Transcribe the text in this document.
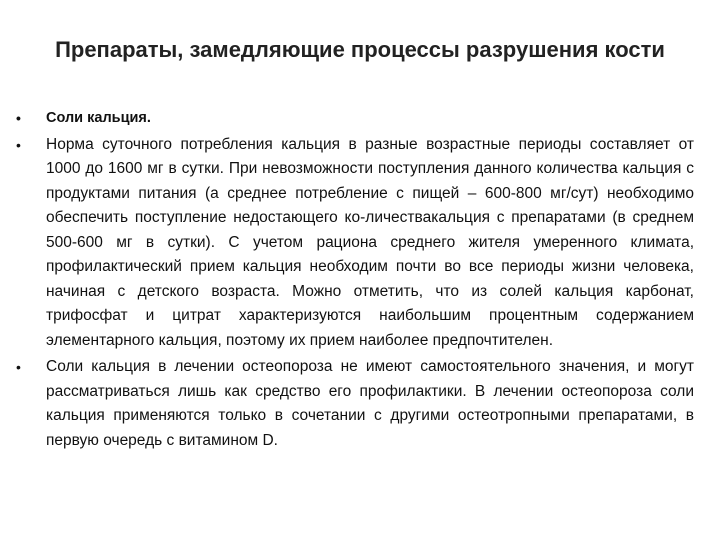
Препараты, замедляющие процессы разрушения кости
• Соли кальция.
• Норма суточного потребления кальция в разные возрастные периоды составляет от 1000 до 1600 мг в сутки. При невозможности поступления данного количества кальция с продуктами питания (а среднее потребление с пищей – 600-800 мг/сут) необходимо обеспечить поступление недостающего ко-личествакальция с препаратами (в среднем 500-600 мг в сутки). С учетом рациона среднего жителя умеренного климата, профилактический прием кальция необходим почти во все периоды жизни человека, начиная с детского возраста. Можно отметить, что из солей кальция карбонат, трифосфат и цитрат характеризуются наибольшим процентным содержанием элементарного кальция, поэтому их прием наиболее предпочтителен.
• Соли кальция в лечении остеопороза не имеют самостоятельного значения, и могут рассматриваться лишь как средство его профилактики. В лечении остеопороза соли кальция применяются только в сочетании с другими остеотропными препаратами, в первую очередь с витамином D.
